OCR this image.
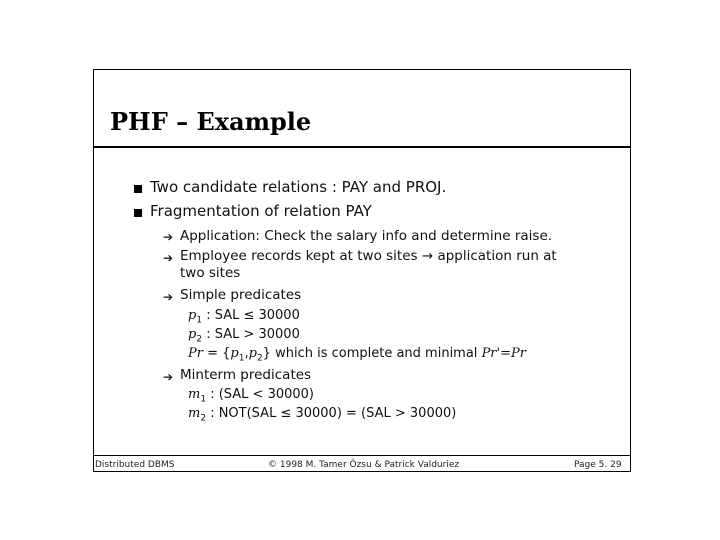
PHF – Example
Two candidate relations : PAY and PROJ.
Fragmentation of relation PAY
➔ Application: Check the salary info and determine raise.
➔ Employee records kept at two sites → application run at
two sites
➔ Simple predicates
$p_1$ : SAL ≤ 30000
$p_2$ : SAL > 30000
$Pr = \{p_1,p_2\}$ which is complete and minimal Pr'=Pr
➔ Minterm predicates
$m_1$ : (SAL < 30000)
$m_2$ : NOT(SAL ≤ 30000) = (SAL > 30000)
Distributed DBMS	© 1998 M. Tamer Özsu & Patrick Valduriez	Page 5. 29
